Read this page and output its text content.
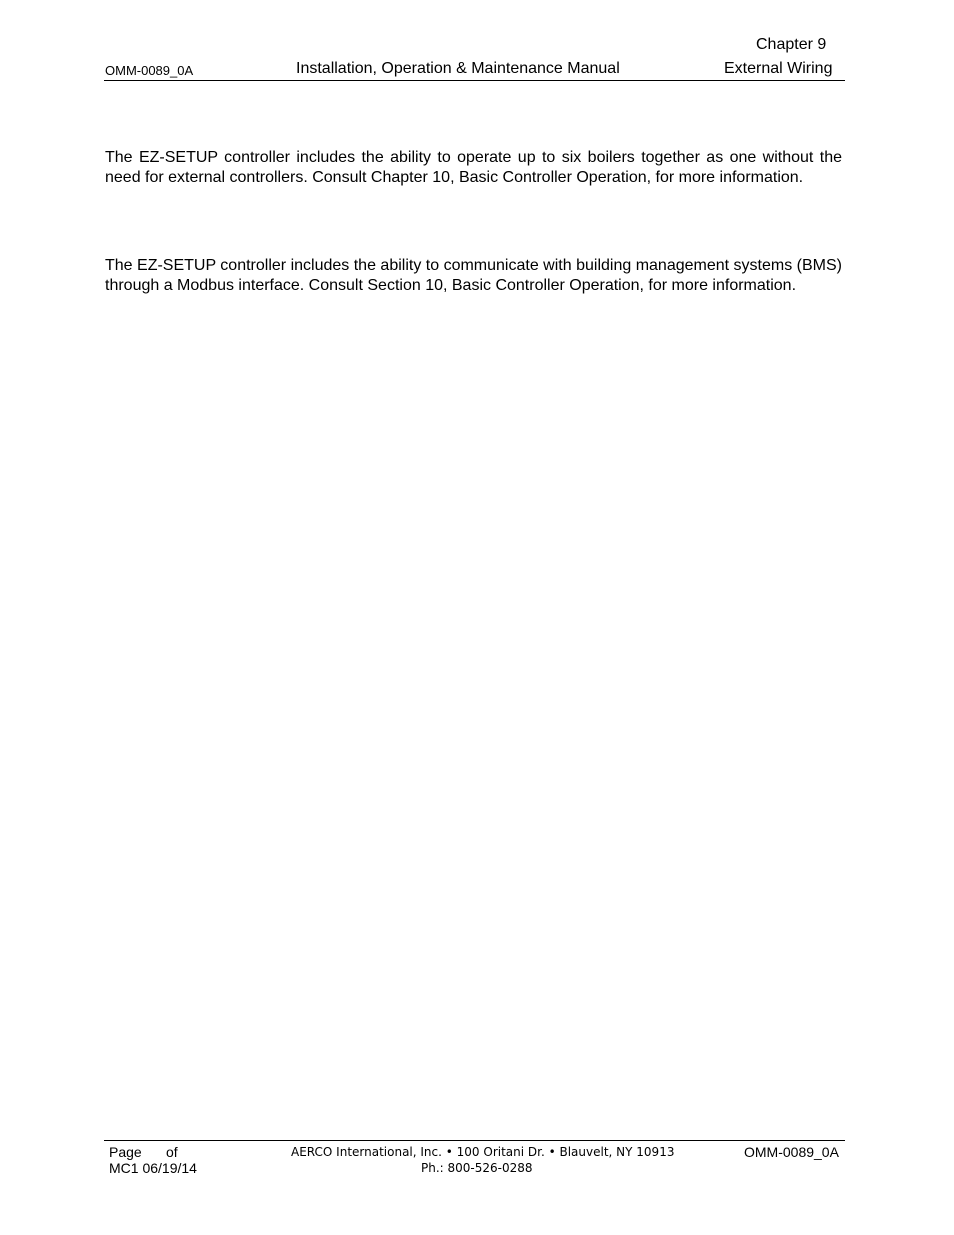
Chapter 9
OMM-0089_0A	Installation, Operation & Maintenance Manual	External Wiring

The EZ-SETUP controller includes the ability to operate up to six boilers together as one without the need for external controllers. Consult Chapter 10, Basic Controller Operation, for more information.

The EZ-SETUP controller includes the ability to communicate with building management systems (BMS) through a Modbus interface. Consult Section 10, Basic Controller Operation, for more information.

Page of
MC1 06/19/14
AERCO International, Inc. • 100 Oritani Dr. • Blauvelt, NY 10913
Ph.: 800-526-0288
OMM-0089_0A
